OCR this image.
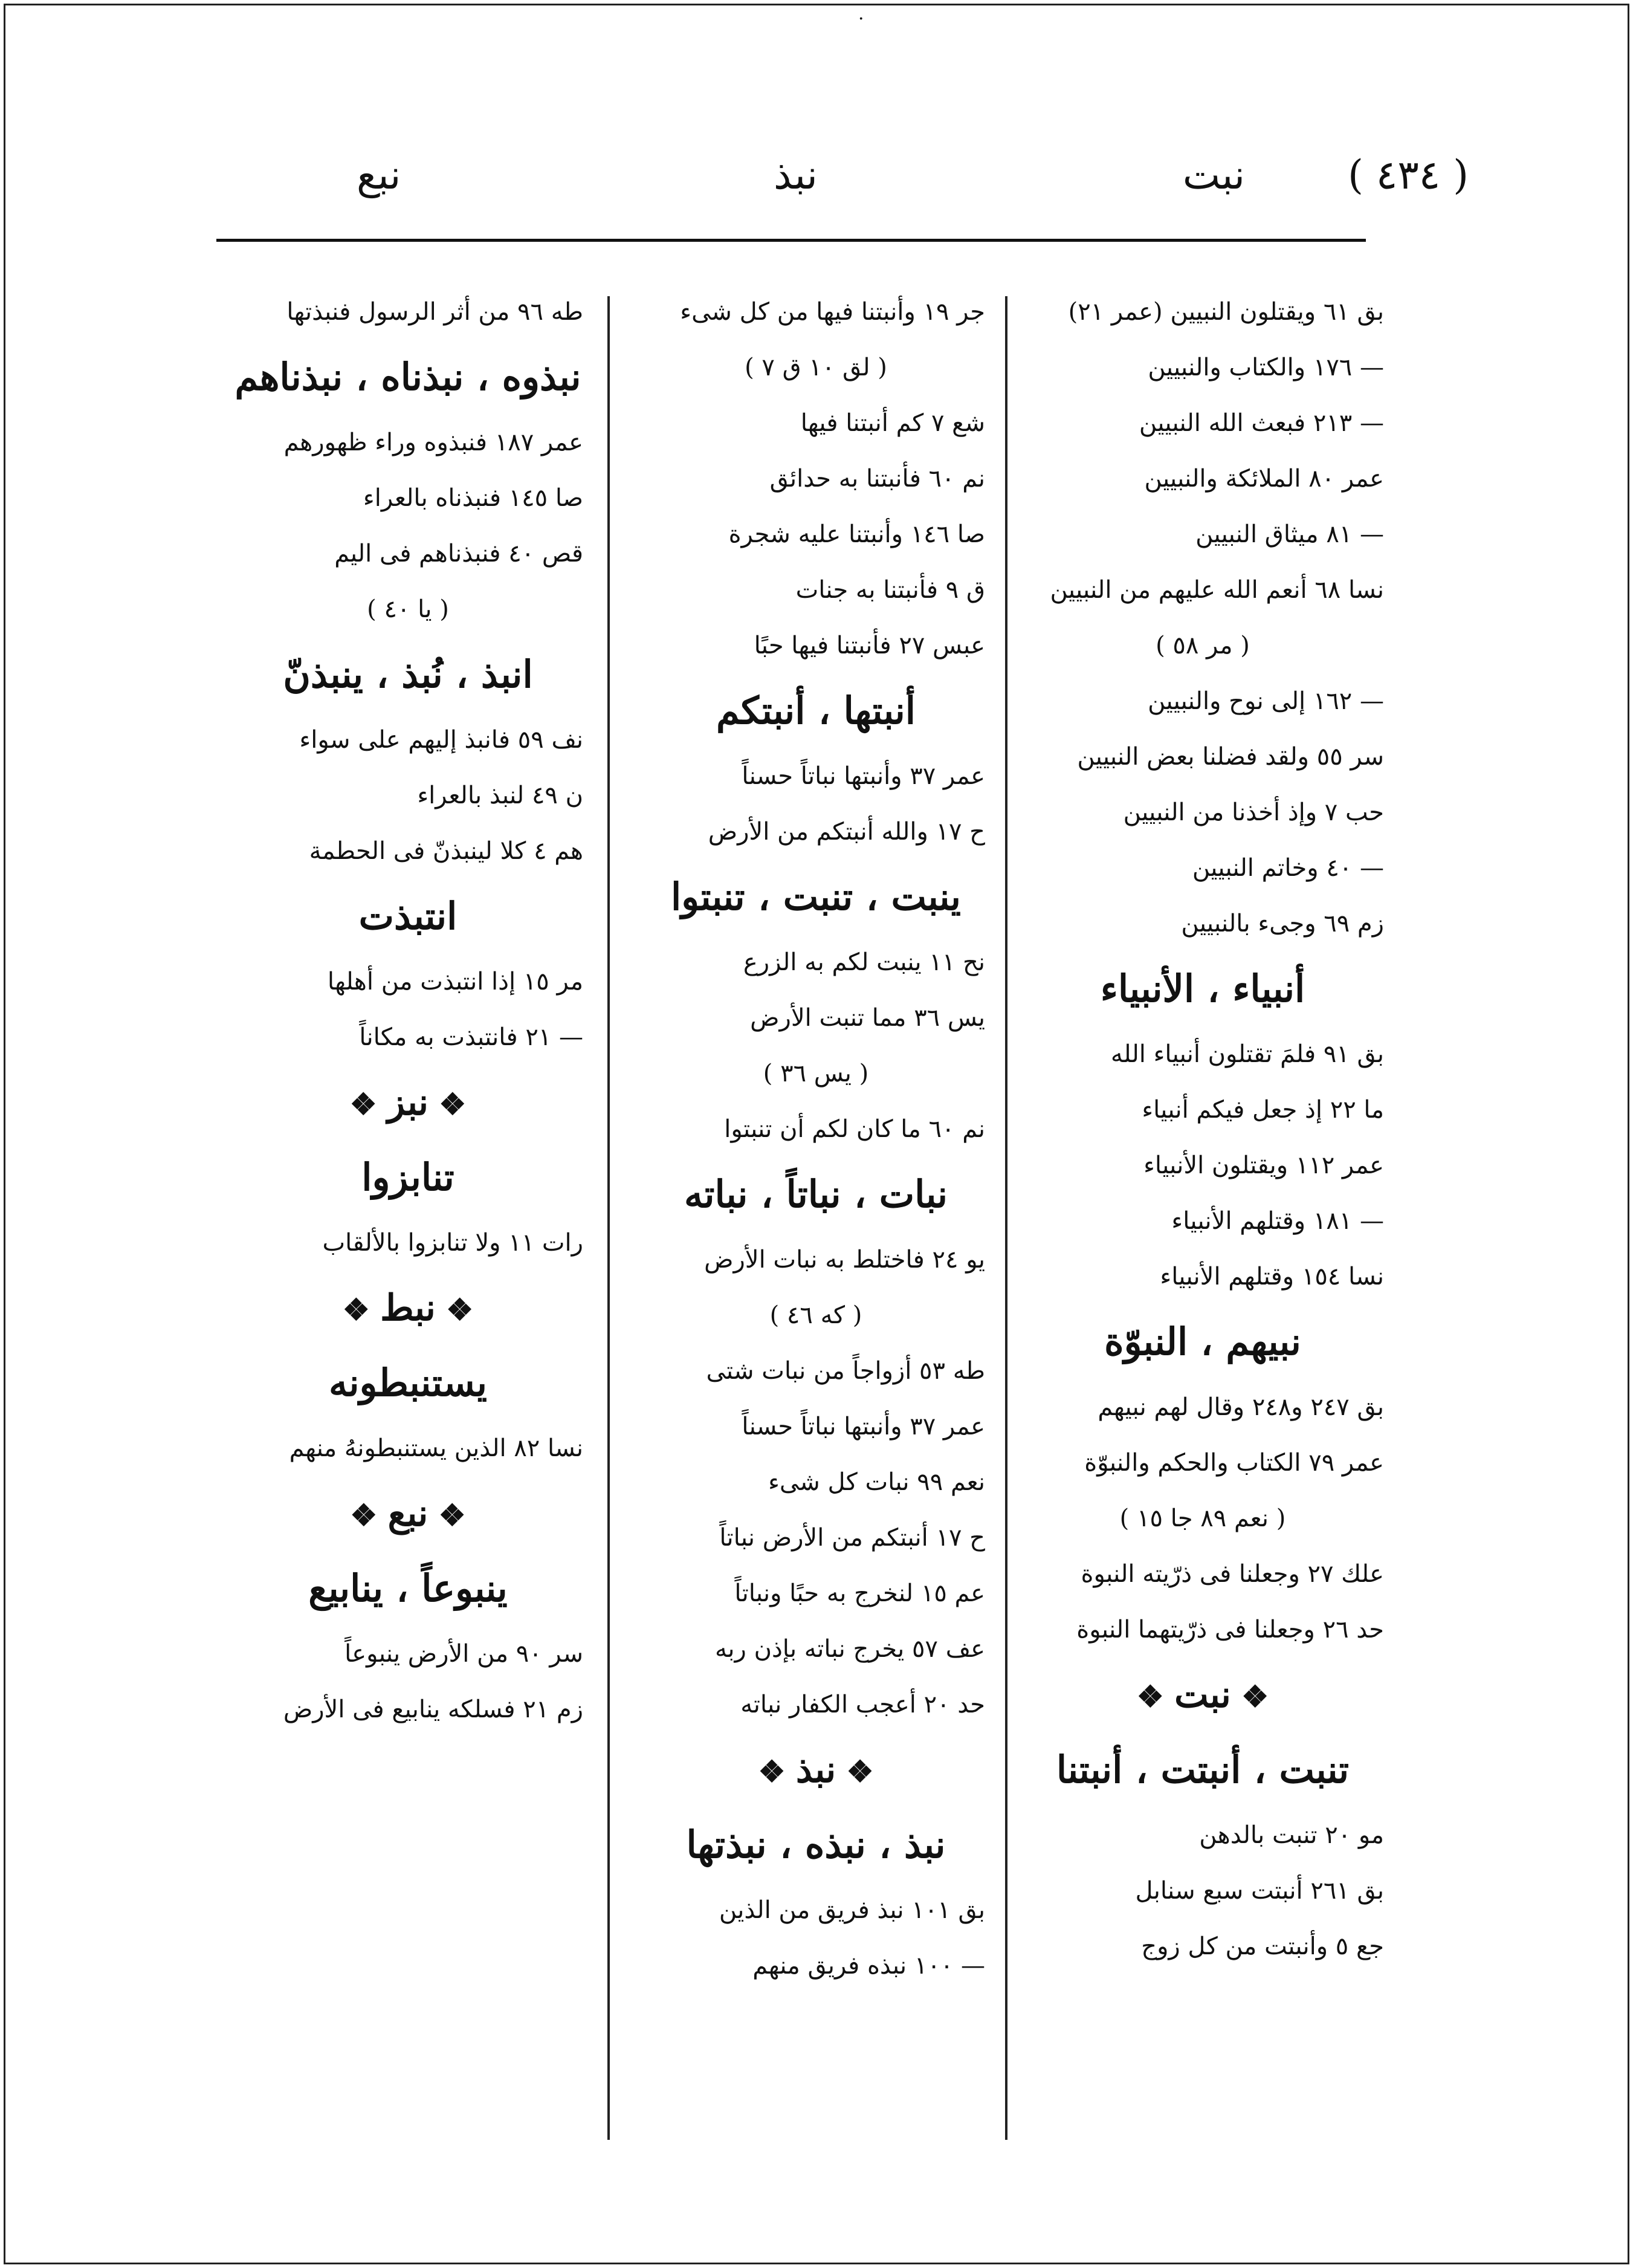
·
( ٤٣٤ )
نبت
نبذ
نبع
بق ٦١ ويقتلون النبيين (عمر ٢١)
— ١٧٦ والكتاب والنبيين
— ٢١٣ فبعث الله النبيين
عمر ٨٠ الملائكة والنبيين
— ٨١ ميثاق النبيين
نسا ٦٨ أنعم الله عليهم من النبيين
( مر ٥٨ )
— ١٦٢ إلى نوح والنبيين
سر ٥٥ ولقد فضلنا بعض النبيين
حب ٧ وإذ أخذنا من النبيين
— ٤٠ وخاتم النبيين
زم ٦٩ وجىء بالنبيين
أنبياء ، الأنبياء
بق ٩١ فلمَ تقتلون أنبياء الله
ما ٢٢ إذ جعل فيكم أنبياء
عمر ١١٢ ويقتلون الأنبياء
— ١٨١ وقتلهم الأنبياء
نسا ١٥٤ وقتلهم الأنبياء
نبيهم ، النبوّة
بق ٢٤٧ و٢٤٨ وقال لهم نبيهم
عمر ٧٩ الكتاب والحكم والنبوّة
( نعم ٨٩ جا ١٥ )
علك ٢٧ وجعلنا فى ذرّيته النبوة
حد ٢٦ وجعلنا فى ذرّيتهما النبوة
❖ نبت ❖
تنبت ، أنبتت ، أنبتنا
مو ٢٠ تنبت بالدهن
بق ٢٦١ أنبتت سبع سنابل
جع ٥ وأنبتت من كل زوج
جر ١٩ وأنبتنا فيها من كل شىء
( لق ١٠ ق ٧ )
شع ٧ كم أنبتنا فيها
نم ٦٠ فأنبتنا به حدائق
صا ١٤٦ وأنبتنا عليه شجرة
ق ٩ فأنبتنا به جنات
عبس ٢٧ فأنبتنا فيها حبًا
أنبتها ، أنبتكم
عمر ٣٧ وأنبتها نباتاً حسناً
ح ١٧ والله أنبتكم من الأرض
ينبت ، تنبت ، تنبتوا
نح ١١ ينبت لكم به الزرع
يس ٣٦ مما تنبت الأرض
( يس ٣٦ )
نم ٦٠ ما كان لكم أن تنبتوا
نبات ، نباتاً ، نباته
يو ٢٤ فاختلط به نبات الأرض
( كه ٤٦ )
طه ٥٣ أزواجاً من نبات شتى
عمر ٣٧ وأنبتها نباتاً حسناً
نعم ٩٩ نبات كل شىء
ح ١٧ أنبتكم من الأرض نباتاً
عم ١٥ لنخرج به حبًا ونباتاً
عف ٥٧ يخرج نباته بإذن ربه
حد ٢٠ أعجب الكفار نباته
❖ نبذ ❖
نبذ ، نبذه ، نبذتها
بق ١٠١ نبذ فريق من الذين
— ١٠٠ نبذه فريق منهم
طه ٩٦ من أثر الرسول فنبذتها
نبذوه ، نبذناه ، نبذناهم
عمر ١٨٧ فنبذوه وراء ظهورهم
صا ١٤٥ فنبذناه بالعراء
قص ٤٠ فنبذناهم فى اليم
( يا ٤٠ )
انبذ ، نُبذ ، ينبذنّ
نف ٥٩ فانبذ إليهم على سواء
ن ٤٩ لنبذ بالعراء
هم ٤ كلا لينبذنّ فى الحطمة
انتبذت
مر ١٥ إذا انتبذت من أهلها
— ٢١ فانتبذت به مكاناً
❖ نبز ❖
تنابزوا
رات ١١ ولا تنابزوا بالألقاب
❖ نبط ❖
يستنبطونه
نسا ٨٢ الذين يستنبطونهُ منهم
❖ نبع ❖
ينبوعاً ، ينابيع
سر ٩٠ من الأرض ينبوعاً
زم ٢١ فسلكه ينابيع فى الأرض
